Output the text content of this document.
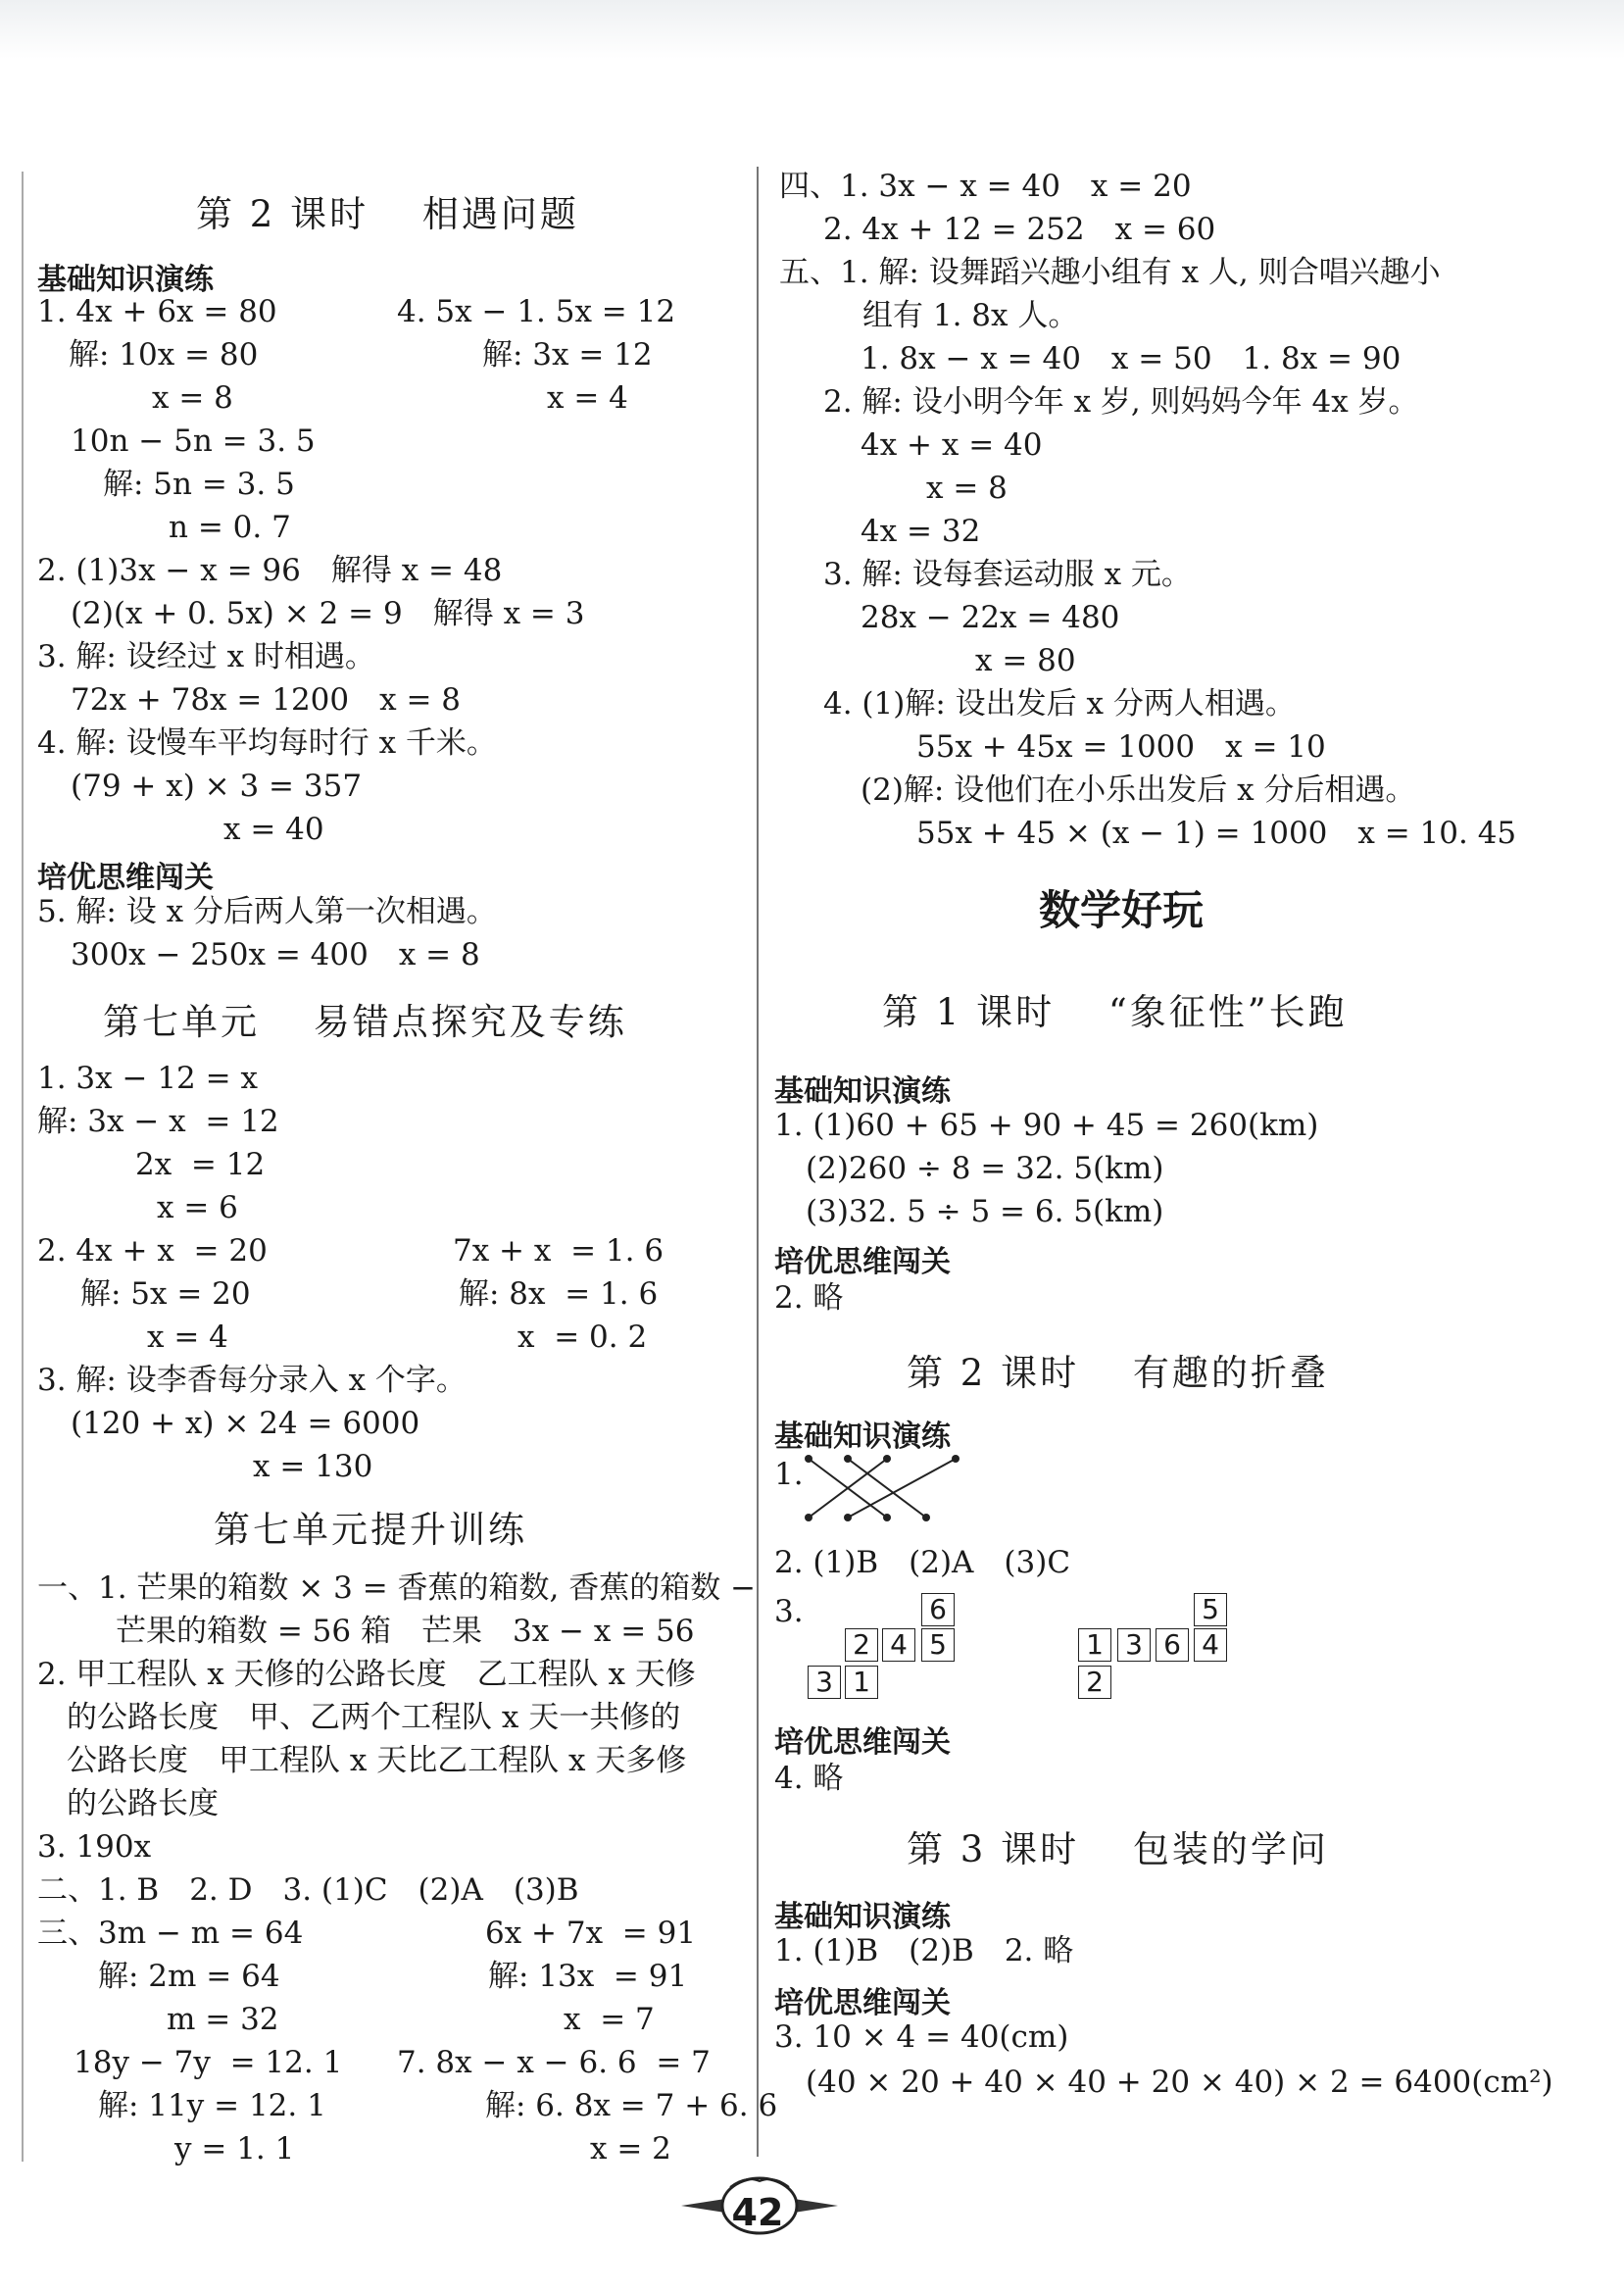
第 2 课时　 相遇问题
基础知识演练
1. 4x + 6x = 80	4. 5x − 1. 5x = 12
解: 10x = 80	解: 3x = 12
x = 8	x = 4
10n − 5n = 3. 5
解: 5n = 3. 5
n = 0. 7
2. (1)3x − x = 96　解得 x = 48
(2)(x + 0. 5x) × 2 = 9　解得 x = 3
3. 解: 设经过 x 时相遇。
72x + 78x = 1200　x = 8
4. 解: 设慢车平均每时行 x 千米。
(79 + x) × 3 = 357
x = 40
培优思维闯关
5. 解: 设 x 分后两人第一次相遇。
300x − 250x = 400　x = 8
第七单元　 易错点探究及专练
1. 3x − 12 = x
解: 3x − x  = 12
2x  = 12
x = 6
2. 4x + x  = 20	7x + x  = 1. 6
解: 5x = 20	解: 8x  = 1. 6
x = 4	x  = 0. 2
3. 解: 设李香每分录入 x 个字。
(120 + x) × 24 = 6000
x = 130
第七单元提升训练
一、1. 芒果的箱数 × 3 = 香蕉的箱数, 香蕉的箱数 −
芒果的箱数 = 56 箱　芒果　3x − x = 56
2. 甲工程队 x 天修的公路长度　乙工程队 x 天修
的公路长度　甲、乙两个工程队 x 天一共修的
公路长度　甲工程队 x 天比乙工程队 x 天多修
的公路长度
3. 190x
二、1. B　2. D　3. (1)C　(2)A　(3)B
三、3m − m = 64	6x + 7x  = 91
解: 2m = 64	解: 13x  = 91
m = 32	x  = 7
18y − 7y  = 12. 1 7. 8x − x − 6. 6  = 7
解: 11y = 12. 1	解: 6. 8x = 7 + 6. 6
y = 1. 1	x = 2
四、1. 3x − x = 40　x = 20
2. 4x + 12 = 252　x = 60
五、1. 解: 设舞蹈兴趣小组有 x 人, 则合唱兴趣小
组有 1. 8x 人。
1. 8x − x = 40　x = 50　1. 8x = 90
2. 解: 设小明今年 x 岁, 则妈妈今年 4x 岁。
4x + x = 40
x = 8
4x = 32
3. 解: 设每套运动服 x 元。
28x − 22x = 480
x = 80
4. (1)解: 设出发后 x 分两人相遇。
55x + 45x = 1000　x = 10
(2)解: 设他们在小乐出发后 x 分后相遇。
55x + 45 × (x − 1) = 1000　x = 10. 45
数学好玩
第 1 课时　 “象征性”长跑
基础知识演练
1. (1)60 + 65 + 90 + 45 = 260(km)
(2)260 ÷ 8 = 32. 5(km)
(3)32. 5 ÷ 5 = 6. 5(km)
培优思维闯关
2. 略
第 2 课时　 有趣的折叠
基础知识演练
1.
2. (1)B　(2)A　(3)C
3.	6
2 4 5
3 1
5
1 3 6 4
2
培优思维闯关
4. 略
第 3 课时　 包装的学问
基础知识演练
1. (1)B　(2)B　2. 略
培优思维闯关
3. 10 × 4 = 40(cm)
(40 × 20 + 40 × 40 + 20 × 40) × 2 = 6400(cm²)
42
